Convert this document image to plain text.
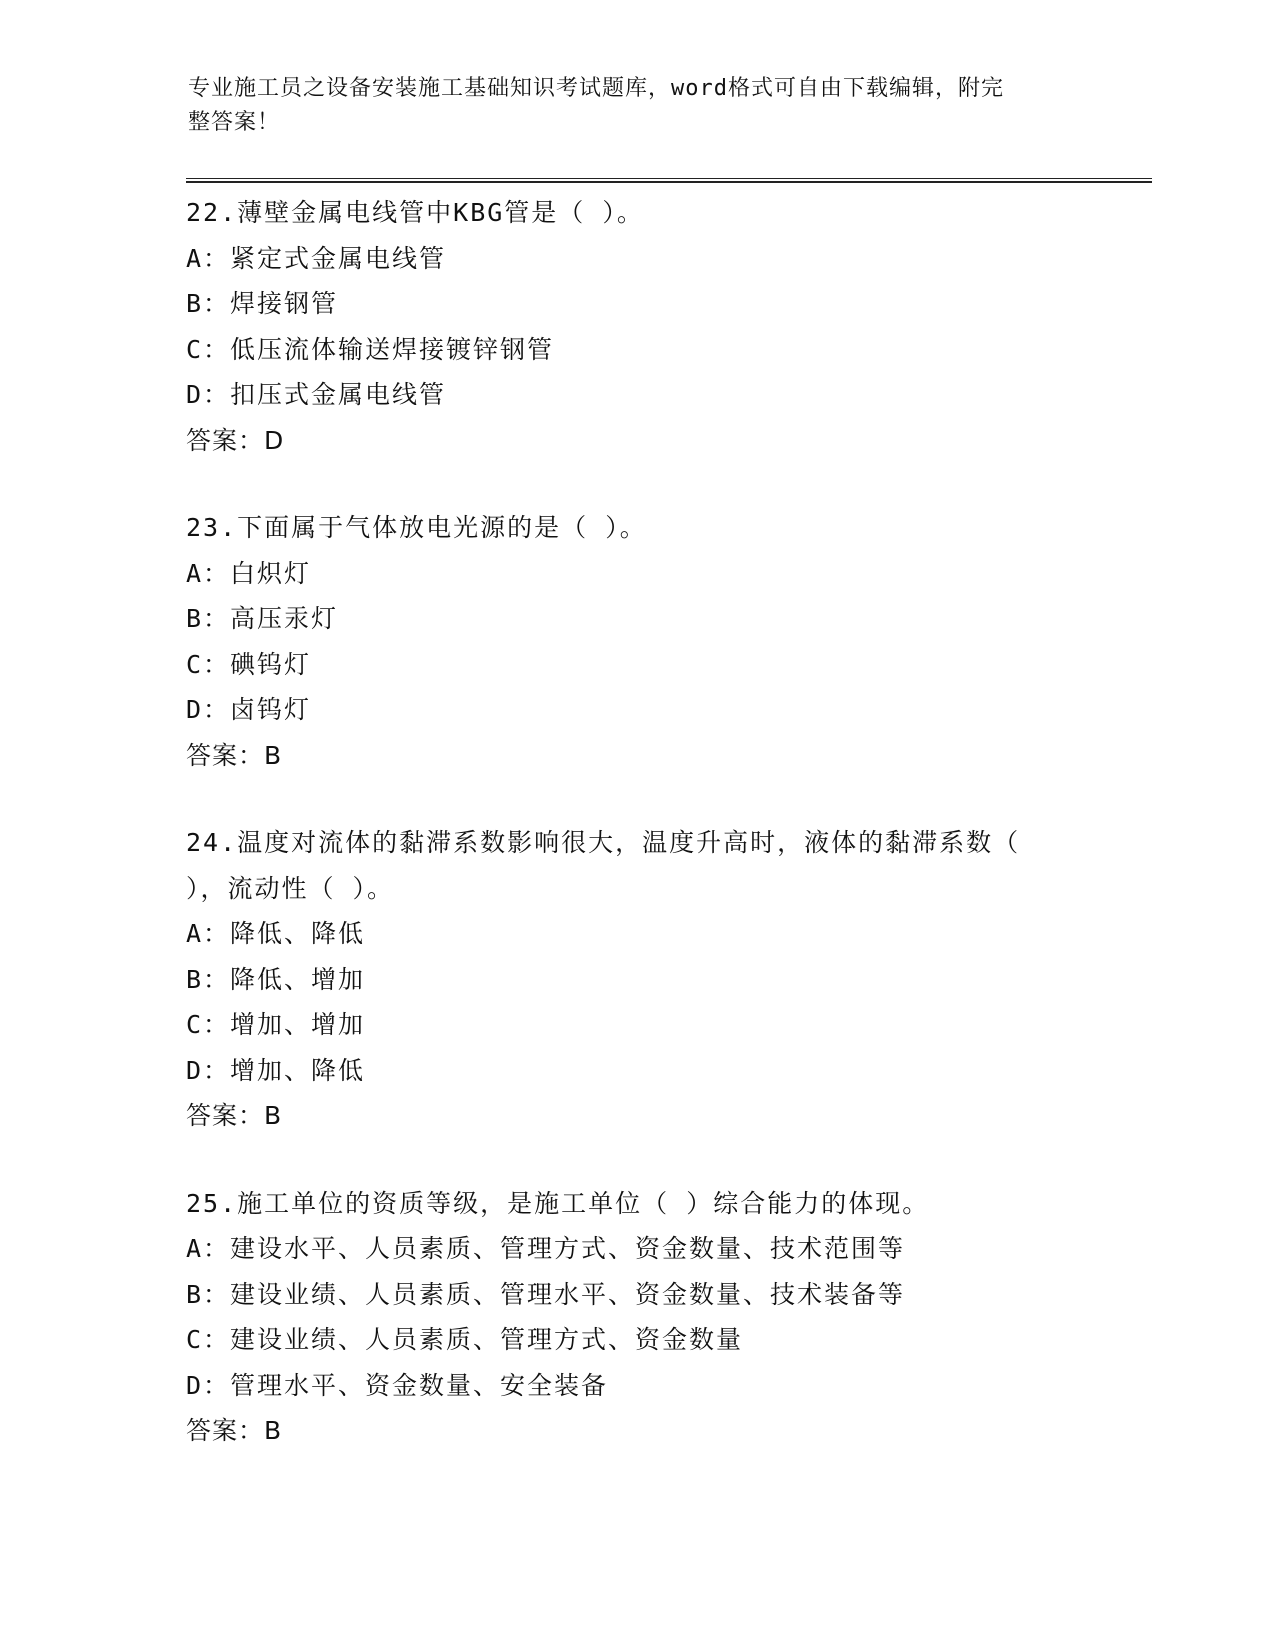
专业施工员之设备安装施工基础知识考试题库，word格式可自由下载编辑，附完
整答案！
22.薄壁金属电线管中KBG管是（ ）。
A：紧定式金属电线管
B：焊接钢管
C：低压流体输送焊接镀锌钢管
D：扣压式金属电线管
答案：D
23.下面属于气体放电光源的是（ ）。
A：白炽灯
B：高压汞灯
C：碘钨灯
D：卤钨灯
答案：B
24.温度对流体的黏滞系数影响很大，温度升高时，液体的黏滞系数（
），流动性（ ）。
A：降低、降低
B：降低、增加
C：增加、增加
D：增加、降低
答案：B
25.施工单位的资质等级，是施工单位（ ）综合能力的体现。
A：建设水平、人员素质、管理方式、资金数量、技术范围等
B：建设业绩、人员素质、管理水平、资金数量、技术装备等
C：建设业绩、人员素质、管理方式、资金数量
D：管理水平、资金数量、安全装备
答案：B
